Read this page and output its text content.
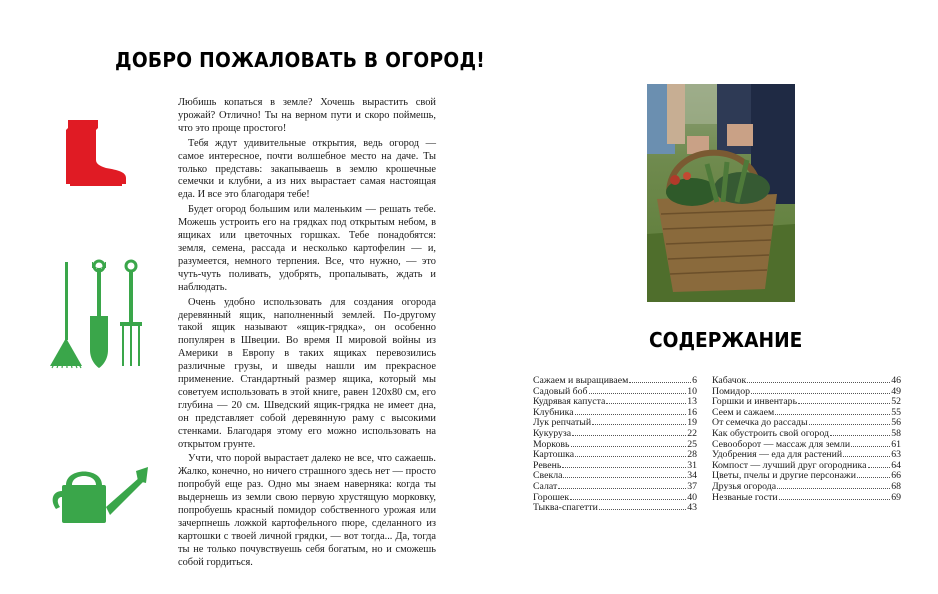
ДОБРО ПОЖАЛОВАТЬ В ОГОРОД!

Любишь копаться в земле? Хочешь вырастить свой урожай? Отлично! Ты на верном пути и скоро поймешь, что это проще простого!

Тебя ждут удивительные открытия, ведь огород — самое интересное, почти волшебное место на даче. Ты только представь: закапываешь в землю крошечные семечки и клубни, а из них вырастает самая настоящая еда. И все это благодаря тебе!

Будет огород большим или маленьким — решать тебе. Можешь устроить его на грядках под открытым небом, в ящиках или цветочных горшках. Тебе понадобятся: земля, семена, рассада и несколько картофелин — и, разумеется, немного терпения. Все, что нужно, — это чуть-чуть поливать, удобрять, пропалывать, ждать и наблюдать.

Очень удобно использовать для создания огорода деревянный ящик, наполненный землей. По-другому такой ящик называют «ящик-грядка», он особенно популярен в Швеции. Во время II мировой войны из Америки в Европу в таких ящиках перевозились различные грузы, и шведы нашли им прекрасное применение. Стандартный размер ящика, который мы советуем использовать в этой книге, равен 120х80 см, его глубина — 20 см. Шведский ящик-грядка не имеет дна, он представляет собой деревянную раму с высокими стенками. Благодаря этому его можно использовать на открытом грунте.

Учти, что порой вырастает далеко не все, что сажаешь. Жалко, конечно, но ничего страшного здесь нет — просто попробуй еще раз. Одно мы знаем наверняка: когда ты выдернешь из земли свою первую хрустящую морковку, попробуешь красный помидор собственного урожая или зачерпнешь ложкой картофельного пюре, сделанного из картошки с твоей личной грядки, — вот тогда... Да, тогда ты не только почувствуешь себя богатым, но и сможешь собой гордиться.

СОДЕРЖАНИЕ
Сажаем и выращиваем	6
Садовый боб	10
Кудрявая капуста	13
Клубника	16
Лук репчатый	19
Кукуруза	22
Морковь	25
Картошка	28
Ревень	31
Свекла	34
Салат	37
Горошек	40
Тыква-спагетти	43
Кабачок	46
Помидор	49
Горшки и инвентарь	52
Сеем и сажаем	55
От семечка до рассады	56
Как обустроить свой огород	58
Севооборот — массаж для земли	61
Удобрения — еда для растений	63
Компост — лучший друг огородника	64
Цветы, пчелы и другие персонажи	66
Друзья огорода	68
Незваные гости	69
